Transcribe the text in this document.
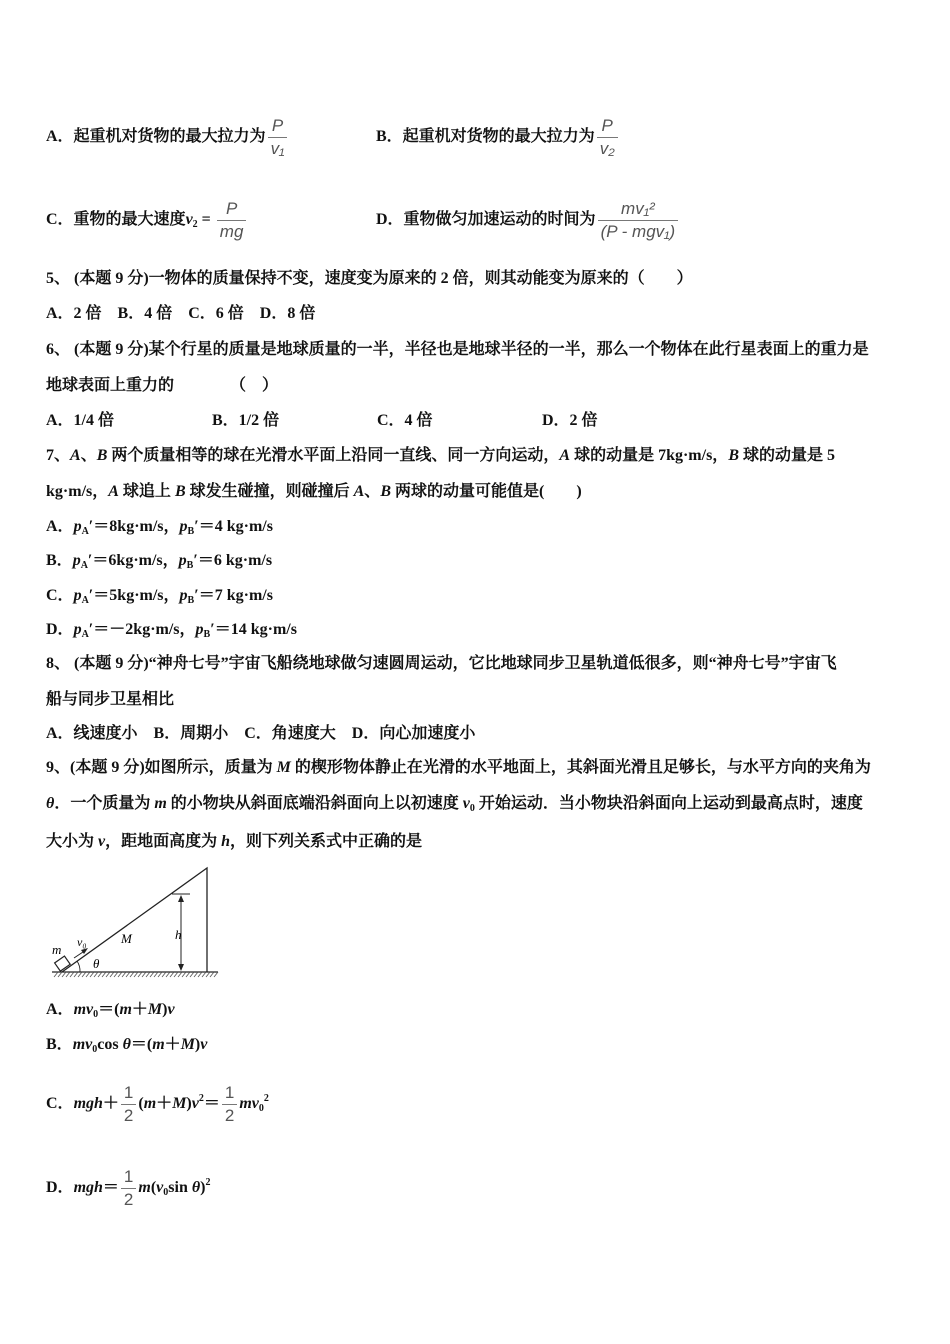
A．起重机对货物的最大拉力为 $\frac{P}{\text{v₁}}$	B．起重机对货物的最大拉力为 $\frac{P}{\text{v₂}}$
C．重物的最大速度$v_2 = \frac{P}{mg}$	D．重物做匀加速运动的时间为 $\frac{\text{mv₁²}}{\text{(P - mgv₁)}}$
5、 (本题 9 分)一物体的质量保持不变，速度变为原来的 2 倍，则其动能变为原来的（　　）
A．2 倍　B．4 倍　C．6 倍　D．8 倍
6、 (本题 9 分)某个行星的质量是地球质量的一半，半径也是地球半径的一半，那么一个物体在此行星表面上的重力是
地球表面上重力的　　　　（　）
A．1/4 倍	B．1/2 倍	C．4 倍	D．2 倍
7、A、B 两个质量相等的球在光滑水平面上沿同一直线、同一方向运动，A 球的动量是 7kg·m/s，B 球的动量是 5
kg·m/s，A 球追上 B 球发生碰撞，则碰撞后 A、B 两球的动量可能值是(　　)
A．$p_A'=8kg\cdot m/s$，$p_B'=4$ kg·m/s
B．$p_A'=6kg\cdot m/s$，$p_B'=6$ kg·m/s
C．$p_A'=5kg\cdot m/s$，$p_B'=7$ kg·m/s
D．$p_A'=-2kg\cdot m/s$，$p_B'=14$ kg·m/s
8、 (本题 9 分)“神舟七号”宇宙飞船绕地球做匀速圆周运动，它比地球同步卫星轨道低很多，则“神舟七号”宇宙飞
船与同步卫星相比
A．线速度小　B．周期小　C．角速度大　D．向心加速度小
9、(本题 9 分)如图所示，质量为 M 的楔形物体静止在光滑的水平地面上，其斜面光滑且足够长，与水平方向的夹角为
θ．一个质量为 m 的小物块从斜面底端沿斜面向上以初速度 $v_0$ 开始运动．当小物块沿斜面向上运动到最高点时，速度
大小为 v，距地面高度为 h，则下列关系式中正确的是
A．$mv_0=(m+M)v$
B．$mv_0\cos$ θ＝(m＋M)v
C．$mgh+ \frac{1}{2} (m+M)v^2= \frac{1}{2} mv_0^2$
D．$mgh= \frac{1}{2} m(v_0\sin$ θ)$^2$
m v₀	M	h
θ
